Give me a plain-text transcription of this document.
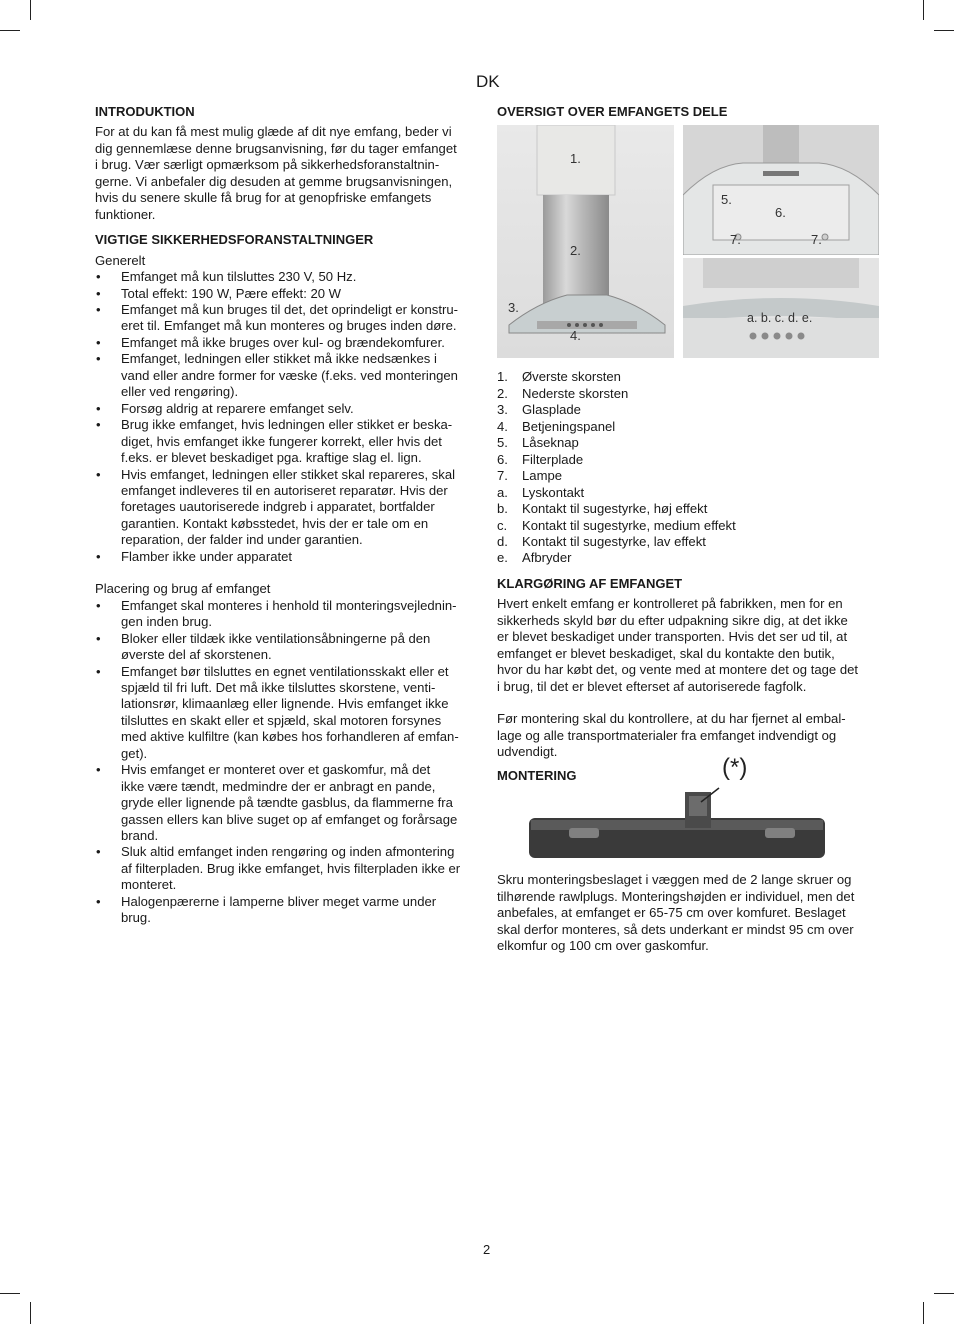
DK
INTRODUKTION
For at du kan få mest mulig glæde af dit nye emfang, beder vi
dig gennemlæse denne brugsanvisning, før du tager emfanget
i brug. Vær særligt opmærksom på sikkerhedsforanstaltnin-
gerne. Vi anbefaler dig desuden at gemme brugsanvisningen,
hvis du senere skulle få brug for at genopfriske emfangets
funktioner.
VIGTIGE SIKKERHEDSFORANSTALTNINGER
Generelt
• Emfanget må kun tilsluttes 230 V, 50 Hz.
• Total effekt: 190 W, Pære effekt: 20 W
• Emfanget må kun bruges til det, det oprindeligt er konstru-
eret til. Emfanget må kun monteres og bruges inden døre.
• Emfanget må ikke bruges over kul- og brændekomfurer.
• Emfanget, ledningen eller stikket må ikke nedsænkes i
vand eller andre former for væske (f.eks. ved monteringen
eller ved rengøring).
• Forsøg aldrig at reparere emfanget selv.
• Brug ikke emfanget, hvis ledningen eller stikket er beska-
diget, hvis emfanget ikke fungerer korrekt, eller hvis det
f.eks. er blevet beskadiget pga. kraftige slag el. lign.
• Hvis emfanget, ledningen eller stikket skal repareres, skal
emfanget indleveres til en autoriseret reparatør. Hvis der
foretages uautoriserede indgreb i apparatet, bortfalder
garantien. Kontakt købsstedet, hvis der er tale om en
reparation, der falder ind under garantien.
• Flamber ikke under apparatet
Placering og brug af emfanget
• Emfanget skal monteres i henhold til monteringsvejlednin-
gen inden brug.
• Bloker eller tildæk ikke ventilationsåbningerne på den
øverste del af skorstenen.
• Emfanget bør tilsluttes en egnet ventilationsskakt eller et
spjæld til fri luft. Det må ikke tilsluttes skorstene, venti-
lationsrør, klimaanlæg eller lignende. Hvis emfanget ikke
tilsluttes en skakt eller et spjæld, skal motoren forsynes
med aktive kulfiltre (kan købes hos forhandleren af emfan-
get).
• Hvis emfanget er monteret over et gaskomfur, må det
ikke være tændt, medmindre der er anbragt en pande,
gryde eller lignende på tændte gasblus, da flammerne fra
gassen ellers kan blive suget op af emfanget og forårsage
brand.
• Sluk altid emfanget inden rengøring og inden afmontering
af filterpladen. Brug ikke emfanget, hvis filterpladen ikke er
monteret.
• Halogenpærerne i lamperne bliver meget varme under
brug.
OVERSIGT OVER EMFANGETS DELE
1.
2.
3.
4.
5.
6.
7.	7.
a. b. c. d. e.
1.	Øverste skorsten
2.	Nederste skorsten
3.	Glasplade
4.	Betjeningspanel
5.	Låseknap
6.	Filterplade
7.	Lampe
a.	Lyskontakt
b.	Kontakt til sugestyrke, høj effekt
c.	Kontakt til sugestyrke, medium effekt
d.	Kontakt til sugestyrke, lav effekt
e.	Afbryder
KLARGØRING AF EMFANGET
Hvert enkelt emfang er kontrolleret på fabrikken, men for en
sikkerheds skyld bør du efter udpakning sikre dig, at det ikke
er blevet beskadiget under transporten. Hvis det ser ud til, at
emfanget er blevet beskadiget, skal du kontakte den butik,
hvor du har købt det, og vente med at montere det og tage det
i brug, til det er blevet efterset af autoriserede fagfolk.
Før montering skal du kontrollere, at du har fjernet al embal-
lage og alle transportmaterialer fra emfanget indvendigt og
udvendigt.
MONTERING	(*)
Skru monteringsbeslaget i væggen med de 2 lange skruer og
tilhørende rawlplugs. Monteringshøjden er individuel, men det
anbefales, at emfanget er 65-75 cm over komfuret. Beslaget
skal derfor monteres, så dets underkant er mindst 95 cm over
elkomfur og 100 cm over gaskomfur.
2
